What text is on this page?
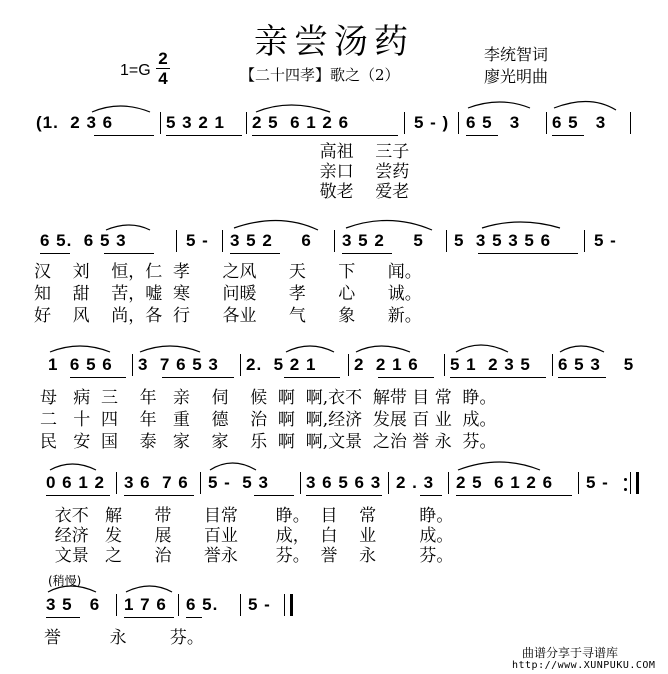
亲尝汤药
1=G
2
4	【二十四孝】歌之（2）
李统智词
廖光明曲
(1.  2 3 6	5 3 2 1 2 5  6 1 2 6	5 - ) 6 5   3 6 5   3
高祖    三子
亲口    尝药
敬老    爱老
6 5.  6 5 3	5 - 3 5 2     6 3 5 2     5 5  3 5 3 5 6	5 -
汉    刘    恒，仁  孝      之风      天      下      闻。
知    甜    苦，嘘  寒      问暖      孝      心      诚。
好    风    尚，各  行      各业      气      象      新。
1  6 5 6 3  7 6 5 3 2.  5 2 1 2  2 1 6 5 1  2 3 5 6 5 3    5
母   病  三    年   亲    伺    候  啊  啊,衣不  解带 目 常  睁。
二   十  四    年   重    德    治  啊  啊,经济  发展 百 业  成。
民   安  国    泰   家    家    乐  啊  啊,文景  之治 誉 永  芬。
0 6 1 2 3 6  7 6 5 -  5 3 3 6 5 6 3 2 . 3 2 5  6 1 2 6 5 -
衣不   解      带      目常       睁。  目    常        睁。
经济   发      展      百业       成，  白    业        成。
文景   之      治      誉永       芬。  誉    永        芬。
(稍慢)
3 5   6 1 7 6 6 5. 5 -
誉         永        芬。
曲谱分享于寻谱库
http://www.XUNPUKU.COM
